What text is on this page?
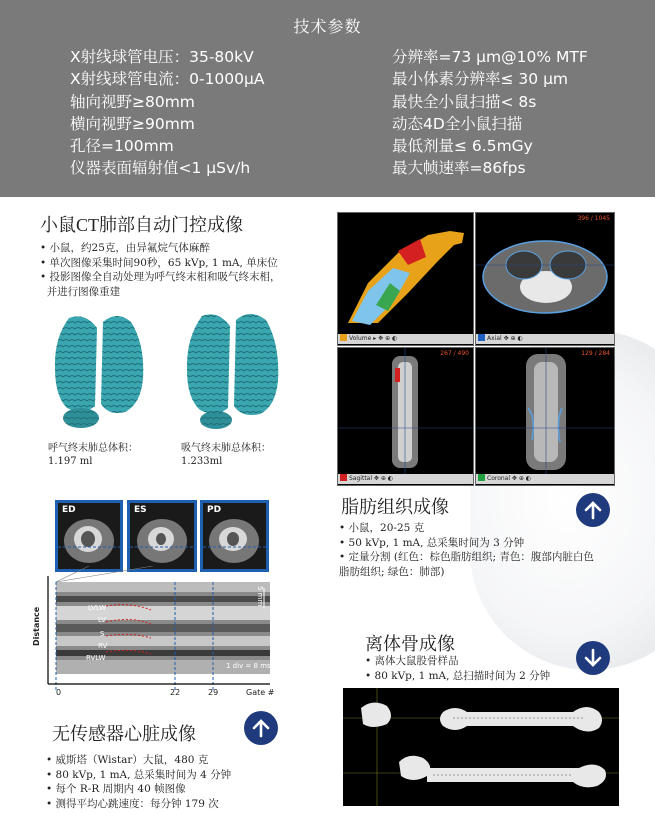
技术参数
X射线球管电压：35-80kV
X射线球管电流：0-1000μA
轴向视野≥80mm
横向视野≥90mm
孔径=100mm
仪器表面辐射值<1 μSv/h
分辨率=73 μm@10% MTF
最小体素分辨率≤ 30 μm
最快全小鼠扫描< 8s
动态4D全小鼠扫描
最低剂量≤ 6.5mGy
最大帧速率=86fps
小鼠CT肺部自动门控成像
• 小鼠，约25克，由异氟烷气体麻醉
• 单次图像采集时间90秒，65 kVp, 1 mA, 单床位
• 投影图像全自动处理为呼气终末相和吸气终末相，
并进行图像重建
呼气终末肺总体积：
1.197 ml
吸气终末肺总体积：
1.233ml
Volume ▸ ✥ ⊕ ◐
396 / 1045
Axial ✥ ⊕ ◐
267 / 490
Sagittal ✥ ⊕ ◐
129 / 284
Coronal ✥ ⊕ ◐
脂肪组织成像
• 小鼠，20-25 克
• 50 kVp, 1 mA, 总采集时间为 3 分钟
• 定量分割 (红色：棕色脂肪组织; 青色：腹部内脏白色
脂肪组织; 绿色：肺部)
ED	ES	PD
Distance	LVLW
LV
S
RV
RVLW
1 div = 8 ms
5 mm
0	22	29	Gate #
无传感器心脏成像
• 威斯塔（Wistar）大鼠，480 克
• 80 kVp, 1 mA, 总采集时间为 4 分钟
• 每个 R-R 周期内 40 帧图像
• 测得平均心跳速度：每分钟 179 次
离体骨成像
• 离体大鼠股骨样品
• 80 kVp, 1 mA, 总扫描时间为 2 分钟
